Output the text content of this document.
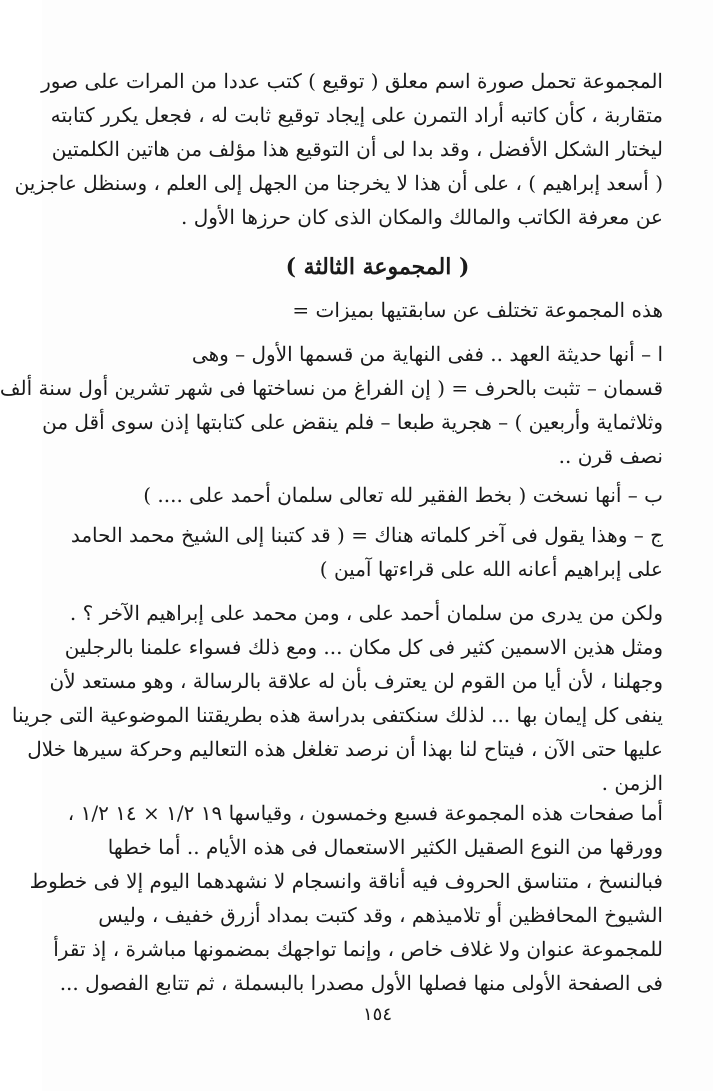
المجموعة تحمل صورة اسم معلق ( توقيع ) كتب عددا من المرات على صور
متقاربة ، كأن كاتبه أراد التمرن على إيجاد توقيع ثابت له ، فجعل يكرر كتابته
ليختار الشكل الأفضل ، وقد بدا لى أن التوقيع هذا مؤلف من هاتين الكلمتين
( أسعد إبراهيم ) ، على أن هذا لا يخرجنا من الجهل إلى العلم ، وسنظل عاجزين
عن معرفة الكاتب والمالك والمكان الذى كان حرزها الأول .
( المجموعة الثالثة )
هذه المجموعة تختلف عن سابقتيها بميزات =
ا – أنها حديثة العهد .. ففى النهاية من قسمها الأول – وهى
قسمان – تثبت بالحرف = ( إن الفراغ من نساختها فى شهر تشرين أول سنة ألف
وثلاثماية وأربعين ) – هجرية طبعا – فلم ينقض على كتابتها إذن سوى أقل من
نصف قرن ..
ب – أنها نسخت ( بخط الفقير لله تعالى سلمان أحمد على .... )
ج – وهذا يقول فى آخر كلماته هناك = ( قد كتبنا إلى الشيخ محمد الحامد
على إبراهيم أعانه الله على قراءتها آمين )
ولكن من يدرى من سلمان أحمد على ، ومن محمد على إبراهيم الآخر ؟ .
ومثل هذين الاسمين كثير فى كل مكان ... ومع ذلك فسواء علمنا بالرجلين
وجهلنا ، لأن أيا من القوم لن يعترف بأن له علاقة بالرسالة ، وهو مستعد لأن
ينفى كل إيمان بها ... لذلك سنكتفى بدراسة هذه بطريقتنا الموضوعية التى جرينا
عليها حتى الآن ، فيتاح لنا بهذا أن نرصد تغلغل هذه التعاليم وحركة سيرها خلال
الزمن .
أما صفحات هذه المجموعة فسبع وخمسون ، وقياسها ١٩ ١/٢ × ١٤ ١/٢ ،
وورقها من النوع الصقيل الكثير الاستعمال فى هذه الأيام .. أما خطها
فبالنسخ ، متناسق الحروف فيه أناقة وانسجام لا نشهدهما اليوم إلا فى خطوط
الشيوخ المحافظين أو تلاميذهم ، وقد كتبت بمداد أزرق خفيف ، وليس
للمجموعة عنوان ولا غلاف خاص ، وإنما تواجهك بمضمونها مباشرة ، إذ تقرأ
فى الصفحة الأولى منها فصلها الأول مصدرا بالبسملة ، ثم تتابع الفصول ...
١٥٤
